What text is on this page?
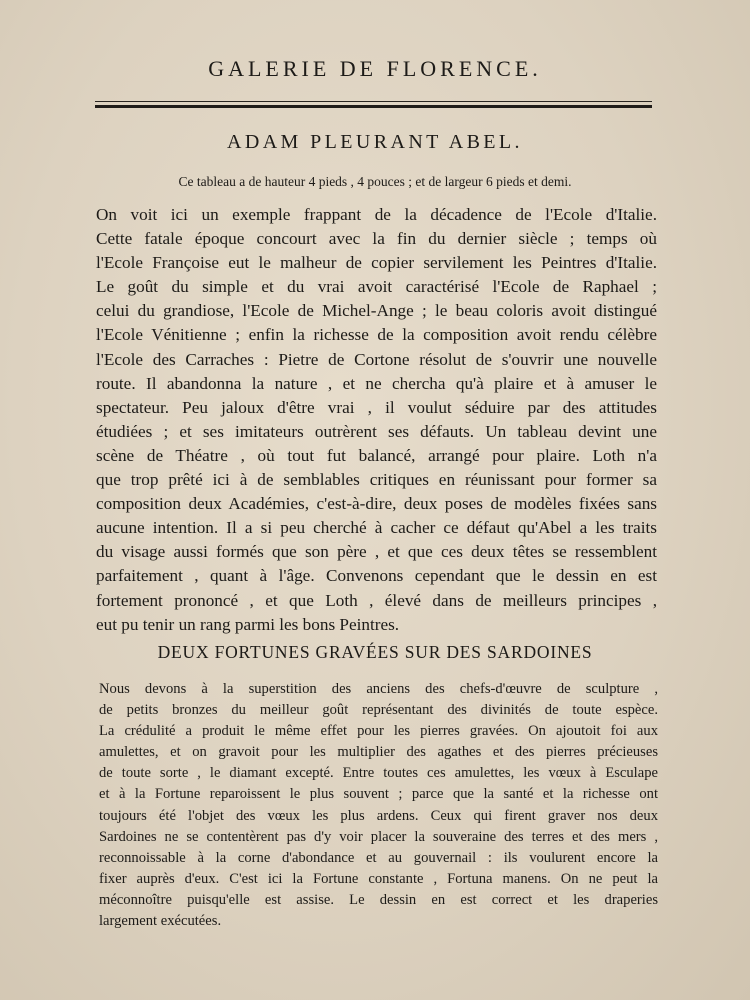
GALERIE DE FLORENCE.
ADAM PLEURANT ABEL.
Ce tableau a de hauteur 4 pieds , 4 pouces ; et de largeur 6 pieds et demi.
On voit ici un exemple frappant de la décadence de l'Ecole d'Italie.
Cette fatale époque concourt avec la fin du dernier siècle ; temps où
l'Ecole Françoise eut le malheur de copier servilement les Peintres d'Italie.
Le goût du simple et du vrai avoit caractérisé l'Ecole de Raphael ;
celui du grandiose, l'Ecole de Michel-Ange ; le beau coloris avoit distingué
l'Ecole Vénitienne ; enfin la richesse de la composition avoit rendu célèbre
l'Ecole des Carraches : Pietre de Cortone résolut de s'ouvrir une nouvelle
route. Il abandonna la nature , et ne chercha qu'à plaire et à amuser le
spectateur. Peu jaloux d'être vrai , il voulut séduire par des attitudes
étudiées ; et ses imitateurs outrèrent ses défauts. Un tableau devint une
scène de Théatre , où tout fut balancé, arrangé pour plaire. Loth n'a
que trop prêté ici à de semblables critiques en réunissant pour former sa
composition deux Académies, c'est-à-dire, deux poses de modèles fixées sans
aucune intention. Il a si peu cherché à cacher ce défaut qu'Abel a les traits
du visage aussi formés que son père , et que ces deux têtes se ressemblent
parfaitement , quant à l'âge. Convenons cependant que le dessin en est
fortement prononcé , et que Loth , élevé dans de meilleurs principes ,
eut pu tenir un rang parmi les bons Peintres.
DEUX FORTUNES GRAVÉES SUR DES SARDOINES
Nous devons à la superstition des anciens des chefs-d'œuvre de sculpture ,
de petits bronzes du meilleur goût représentant des divinités de toute espèce.
La crédulité a produit le même effet pour les pierres gravées. On ajoutoit foi aux
amulettes, et on gravoit pour les multiplier des agathes et des pierres précieuses
de toute sorte , le diamant excepté. Entre toutes ces amulettes, les vœux à Esculape
et à la Fortune reparoissent le plus souvent ; parce que la santé et la richesse ont
toujours été l'objet des vœux les plus ardens. Ceux qui firent graver nos deux
Sardoines ne se contentèrent pas d'y voir placer la souveraine des terres et des mers ,
reconnoissable à la corne d'abondance et au gouvernail : ils voulurent encore la
fixer auprès d'eux. C'est ici la Fortune constante , Fortuna manens. On ne peut la
méconnoître puisqu'elle est assise. Le dessin en est correct et les draperies
largement exécutées.
